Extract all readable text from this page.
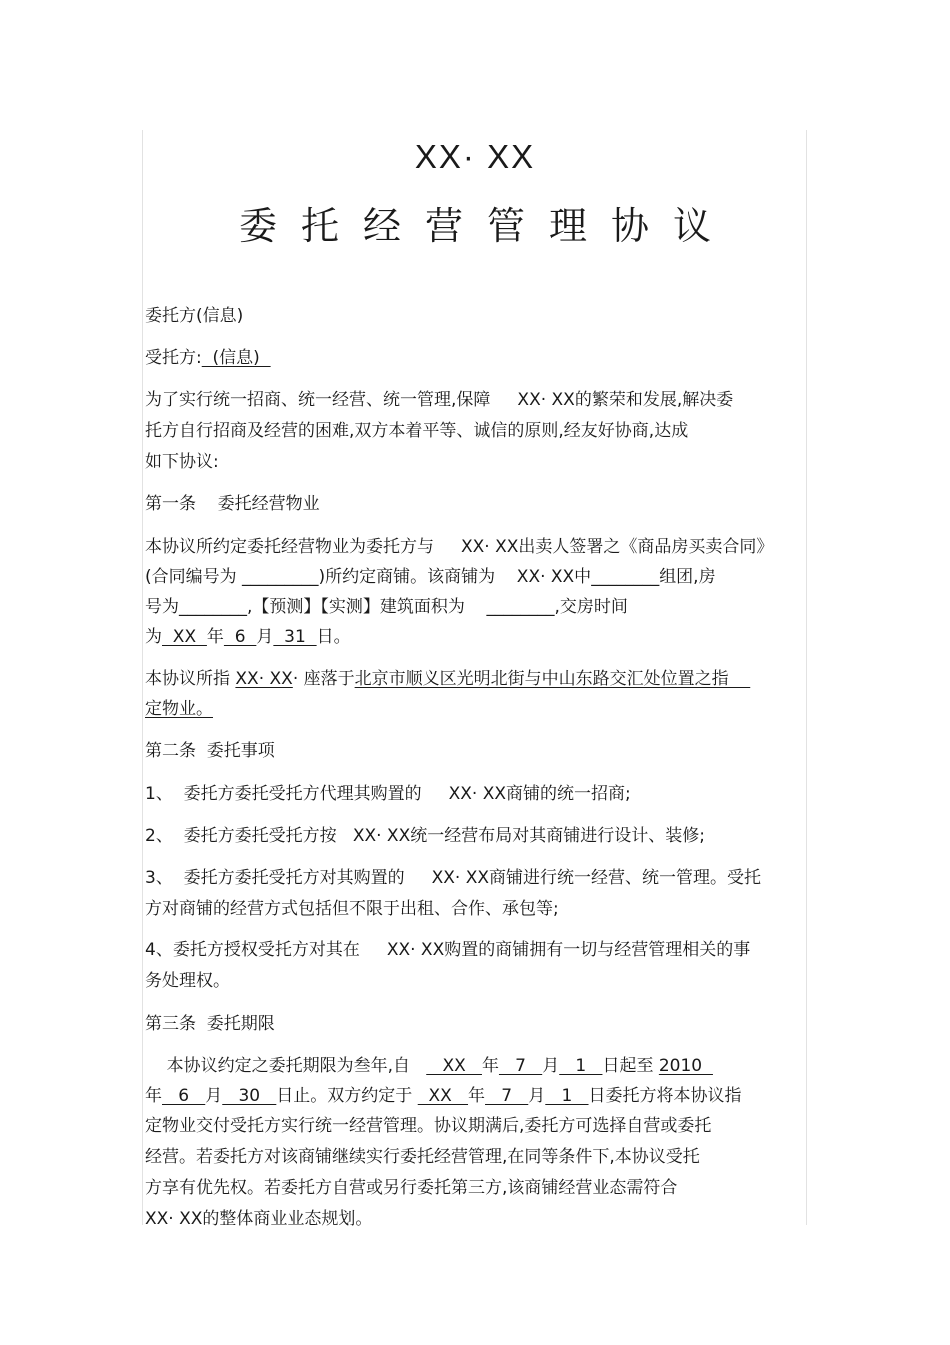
XX· XX
委托经营管理协议
委托方(信息)
受托方:  (信息)
为了实行统一招商、统一经营、统一管理,保障     XX· XX的繁荣和发展,解决委
托方自行招商及经营的困难,双方本着平等、诚信的原则,经友好协商,达成
如下协议:
第一条    委托经营物业
本协议所约定委托经营物业为委托方与     XX· XX出卖人签署之《商品房买卖合同》
(合同编号为 _________)所约定商铺。该商铺为    XX· XX中________组团,房
号为________,【预测】【实测】建筑面积为    ________,交房时间
为  XX  年  6  月  31  日。
本协议所指 XX· XX· 座落于北京市顺义区光明北街与中山东路交汇处位置之指
定物业。
第二条  委托事项
1、  委托方委托受托方代理其购置的     XX· XX商铺的统一招商;
2、  委托方委托受托方按   XX· XX统一经营布局对其商铺进行设计、装修;
3、  委托方委托受托方对其购置的     XX· XX商铺进行统一经营、统一管理。受托
方对商铺的经营方式包括但不限于出租、合作、承包等;
4、委托方授权受托方对其在     XX· XX购置的商铺拥有一切与经营管理相关的事
务处理权。
第三条  委托期限
本协议约定之委托期限为叁年,自      XX   年   7   月   1   日起至 2010
年   6   月   30   日止。双方约定于   XX   年   7   月   1   日委托方将本协议指
定物业交付受托方实行统一经营管理。协议期满后,委托方可选择自营或委托
经营。若委托方对该商铺继续实行委托经营管理,在同等条件下,本协议受托
方享有优先权。若委托方自营或另行委托第三方,该商铺经营业态需符合
XX· XX的整体商业业态规划。
